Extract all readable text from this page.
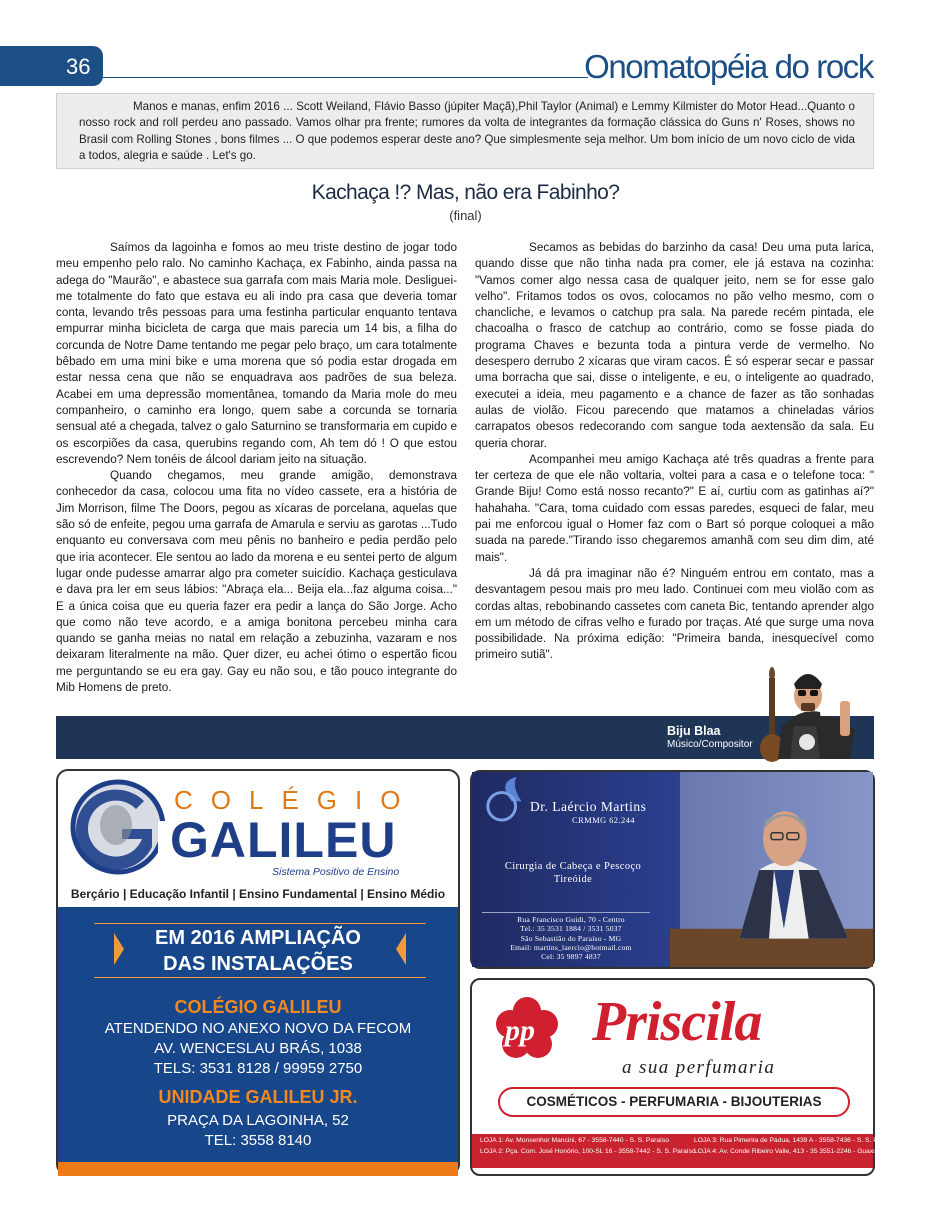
36	Onomatopéia do rock

Manos e manas, enfim 2016 ... Scott Weiland, Flávio Basso (júpiter Maçã),Phil Taylor (Animal) e Lemmy Kilmister do Motor Head...Quanto o nosso rock and roll perdeu ano passado. Vamos olhar pra frente; rumores da volta de integrantes da formação clássica do Guns n' Roses, shows no Brasil com Rolling Stones , bons filmes ... O que podemos esperar deste ano? Que simplesmente seja melhor. Um bom início de um novo ciclo de vida a todos, alegria e saúde . Let's go.

Kachaça !? Mas, não era Fabinho?
(final)

Saímos da lagoinha e fomos ao meu triste destino de jogar todo meu empenho pelo ralo. No caminho Kachaça, ex Fabinho, ainda passa na adega do "Maurão", e abastece sua garrafa com mais Maria mole. Desliguei-me totalmente do fato que estava eu ali indo pra casa que deveria tomar conta, levando três pessoas para uma festinha particular enquanto tentava empurrar minha bicicleta de carga que mais parecia um 14 bis, a filha do corcunda de Notre Dame tentando me pegar pelo braço, um cara totalmente bêbado em uma mini bike e uma morena que só podia estar drogada em estar nessa cena que não se enquadrava aos padrões de sua beleza. Acabei em uma depressão momentânea, tomando da Maria mole do meu companheiro, o caminho era longo, quem sabe a corcunda se tornaria sensual até a chegada, talvez o galo Saturnino se transformaria em cupido e os escorpiões da casa, querubins regando com, Ah tem dó ! O que estou escrevendo? Nem tonéis de álcool dariam jeito na situação.

Quando chegamos, meu grande amigão, demonstrava conhecedor da casa, colocou uma fita no vídeo cassete, era a história de Jim Morrison, filme The Doors, pegou as xícaras de porcelana, aquelas que são só de enfeite, pegou uma garrafa de Amarula e serviu as garotas ...Tudo enquanto eu conversava com meu pênis no banheiro e pedia perdão pelo que iria acontecer. Ele sentou ao lado da morena e eu sentei perto de algum lugar onde pudesse amarrar algo pra cometer suicídio. Kachaça gesticulava e dava pra ler em seus lábios: "Abraça ela... Beija ela...faz alguma coisa..." E a única coisa que eu queria fazer era pedir a lança do São Jorge. Acho que como não teve acordo, e a amiga bonitona percebeu minha cara quando se ganha meias no natal em relação a zebuzinha, vazaram e nos deixaram literalmente na mão. Quer dizer, eu achei ótimo o espertão ficou me perguntando se eu era gay. Gay eu não sou, e tão pouco integrante do Mib Homens de preto.

Secamos as bebidas do barzinho da casa! Deu uma puta larica, quando disse que não tinha nada pra comer, ele já estava na cozinha: "Vamos comer algo nessa casa de qualquer jeito, nem se for esse galo velho". Fritamos todos os ovos, colocamos no pão velho mesmo, com o chancliche, e levamos o catchup pra sala. Na parede recém pintada, ele chacoalha o frasco de catchup ao contrário, como se fosse piada do programa Chaves e bezunta toda a pintura verde de vermelho. No desespero derrubo 2 xícaras que viram cacos. É só esperar secar e passar uma borracha que sai, disse o inteligente, e eu, o inteligente ao quadrado, executei a ideia, meu pagamento e a chance de fazer as tão sonhadas aulas de violão. Ficou parecendo que matamos a chineladas vários carrapatos obesos redecorando com sangue toda aextensão da sala. Eu queria chorar.

Acompanhei meu amigo Kachaça até três quadras a frente para ter certeza de que ele não voltaria, voltei para a casa e o telefone toca: " Grande Biju! Como está nosso recanto?" E aí, curtiu com as gatinhas aí?" hahahaha. "Cara, toma cuidado com essas paredes, esqueci de falar, meu pai me enforcou igual o Homer faz com o Bart só porque coloquei a mão suada na parede."Tirando isso chegaremos amanhã com seu dim dim, até mais".

Já dá pra imaginar não é? Ninguém entrou em contato, mas a desvantagem pesou mais pro meu lado. Continuei com meu violão com as cordas altas, rebobinando cassetes com caneta Bic, tentando aprender algo em um método de cifras velho e furado por traças. Até que surge uma nova possibilidade. Na próxima edição: "Primeira banda, inesquecível como primeiro sutiã".

Biju Blaa
Músico/Compositor
COLÉGIO
GALILEU
Sistema Positivo de Ensino
Berçário | Educação Infantil | Ensino Fundamental | Ensino Médio
EM 2016 AMPLIAÇÃO
DAS INSTALAÇÕES
COLÉGIO GALILEU
ATENDENDO NO ANEXO NOVO DA FECOM
AV. WENCESLAU BRÁS, 1038
TELS: 3531 8128 / 99959 2750
UNIDADE GALILEU JR.
PRAÇA DA LAGOINHA, 52
TEL: 3558 8140
Dr. Laércio Martins
CRMMG 62.244
Cirurgia de Cabeça e Pescoço
Tireóide
Rua Francisco Guidi, 70 - Centro
Tel.: 35 3531 1884 / 3531 5037
São Sebastião do Paraíso - MG
Email: martins_laercio@hotmail.com
Cel: 35 9897 4837
pp Priscila
a sua perfumaria
COSMÉTICOS - PERFUMARIA - BIJOUTERIAS
LOJA 1: Av. Monsenhor Mancini, 67 - 3558-7440 - S. S. Paraíso
LOJA 2: Pça. Com. José Honório, 100-SL 16 - 3558-7442 - S. S. Paraíso
LOJA 3: Rua Pimenta de Pádua, 1439 A - 3558-7436 - S. S. Paraíso
LOJA 4: Av. Conde Ribeiro Valle, 413 - 35 3551-2246 - Guaxupé
